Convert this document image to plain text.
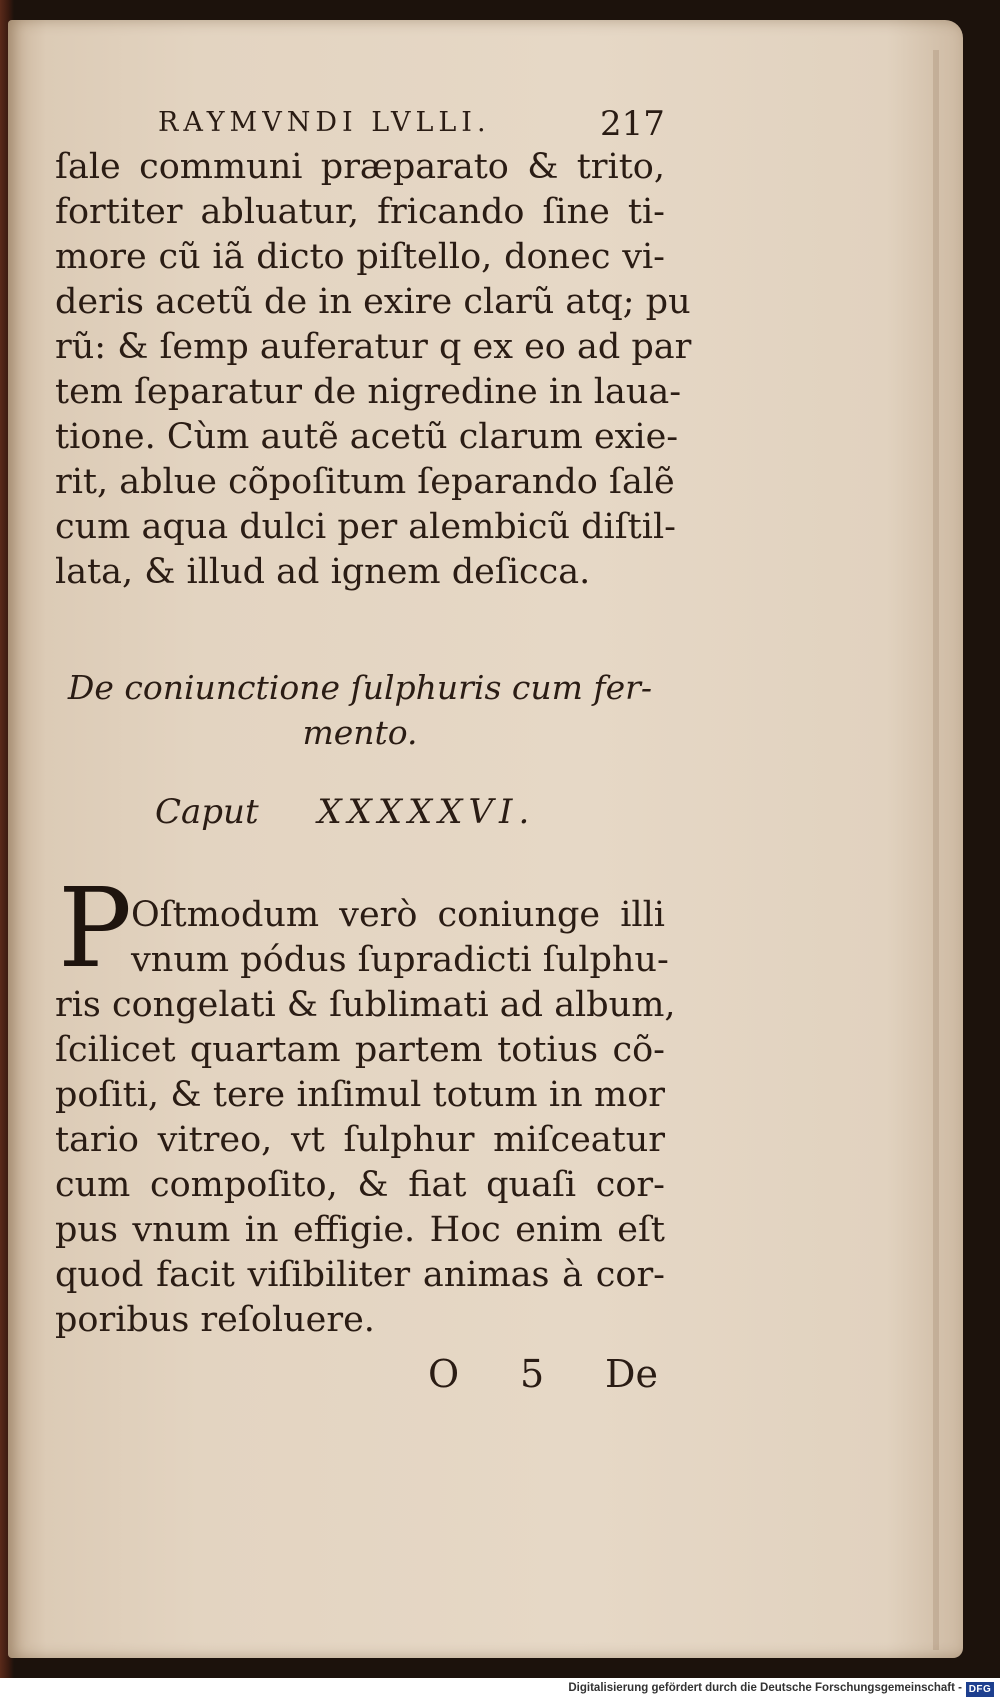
RAYMVNDI LVLLI.	217
ſale communi præparato & trito,
fortiter abluatur, fricando ſine ti-
more cũ iã dicto piſtello, donec vi-
deris acetũ de in exire clarũ atq; pu
rũ: & ſemp auferatur q ex eo ad par
tem ſeparatur de nigredine in laua-
tione. Cùm autẽ acetũ clarum exie-
rit, ablue cõpoſitum ſeparando ſalẽ
cum aqua dulci per alembicũ diſtil-
lata, & illud ad ignem deſicca.
De coniunctione ſulphuris cum fer-
mento.
Caput XXXXXVI.
P
Oſtmodum verò coniunge illi
vnum pódus ſupradicti ſulphu-
ris congelati & ſublimati ad album,
ſcilicet quartam partem totius cõ-
poſiti, & tere inſimul totum in mor
tario vitreo, vt ſulphur miſceatur
cum compoſito, & fiat quaſi cor-
pus vnum in effigie. Hoc enim eſt
quod facit viſibiliter animas à cor-
poribus reſoluere.
O 5 De
Digitalisierung gefördert durch die Deutsche Forschungsgemeinschaft - DFG
